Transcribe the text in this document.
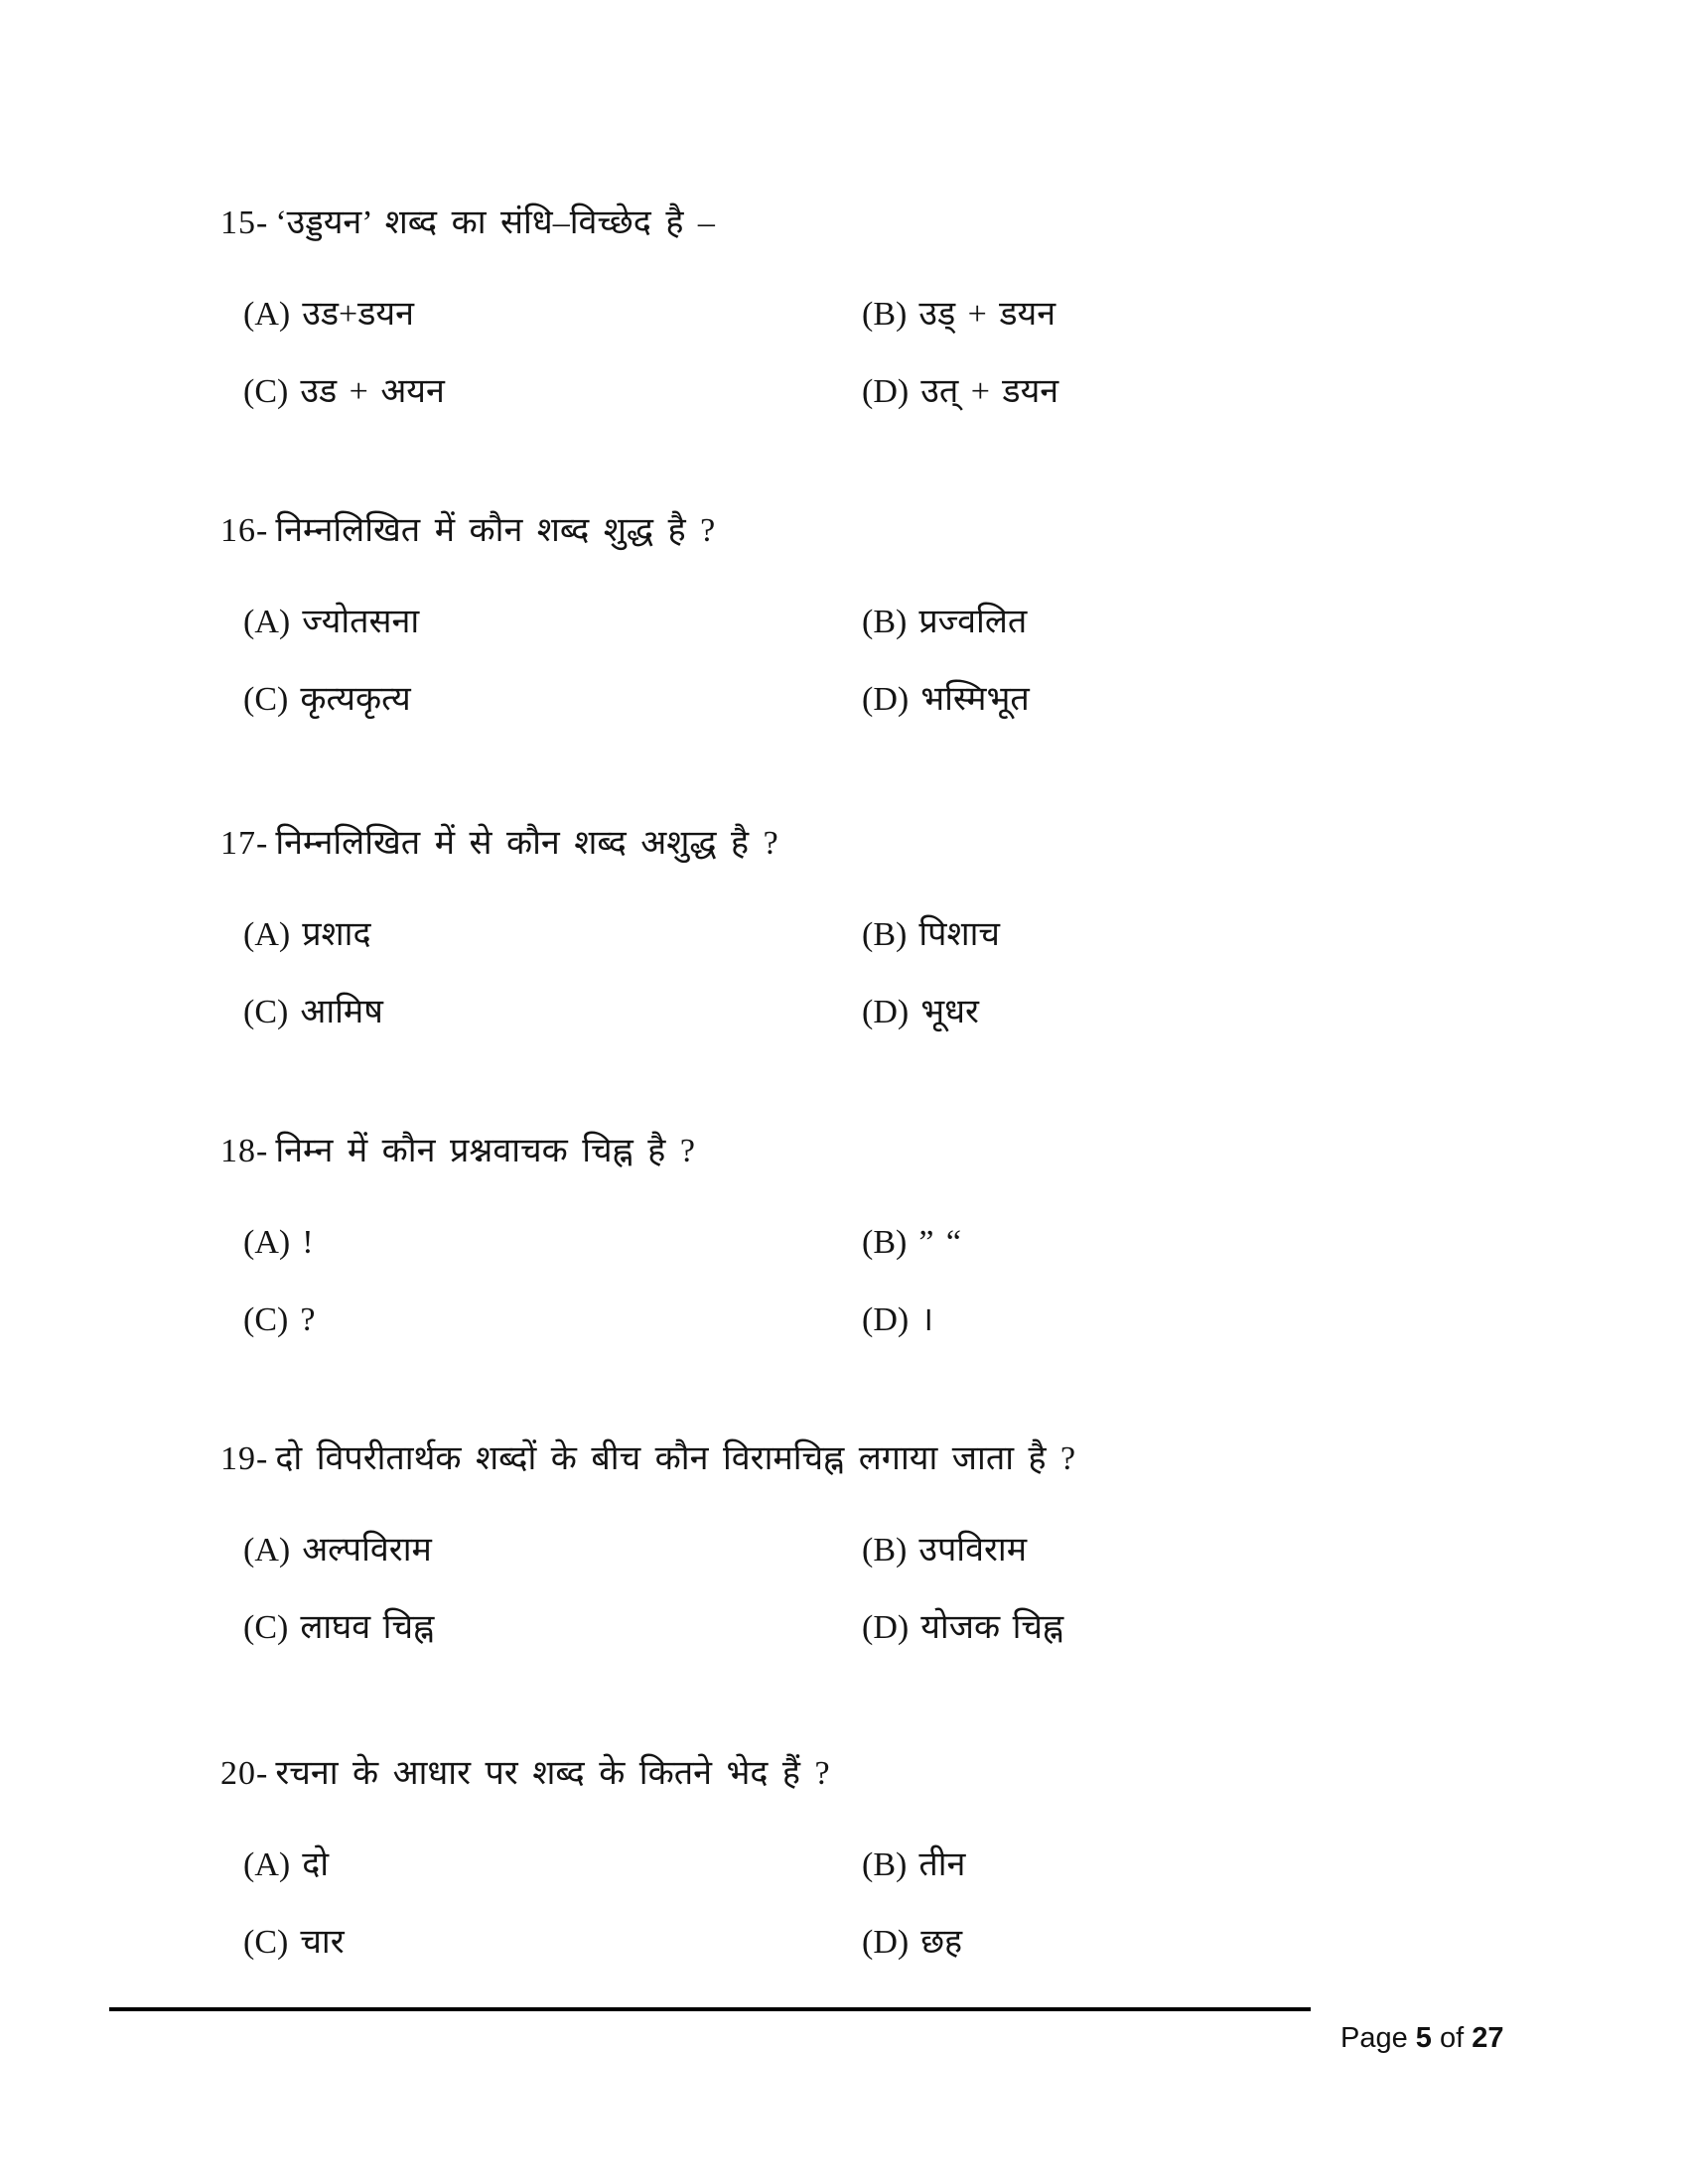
15- ‘उड्डयन’ शब्द का संधि–विच्छेद है –
(A) उड+डयन	(B) उड् + डयन
(C) उड + अयन	(D) उत् + डयन
16- निम्नलिखित में कौन शब्द शुद्ध है ?
(A) ज्योतसना	(B) प्रज्वलित
(C) कृत्यकृत्य	(D) भस्मिभूत
17- निम्नलिखित में से कौन शब्द अशुद्ध है ?
(A) प्रशाद	(B) पिशाच
(C) आमिष	(D) भूधर
18- निम्न में कौन प्रश्नवाचक चिह्न है ?
(A) !	(B) ” “
(C) ?	(D) ।
19- दो विपरीतार्थक शब्दों के बीच कौन विरामचिह्न लगाया जाता है ?
(A) अल्पविराम	(B) उपविराम
(C) लाघव चिह्न	(D) योजक चिह्न
20- रचना के आधार पर शब्द के कितने भेद हैं ?
(A) दो	(B) तीन
(C) चार	(D) छह
Page 5 of 27
